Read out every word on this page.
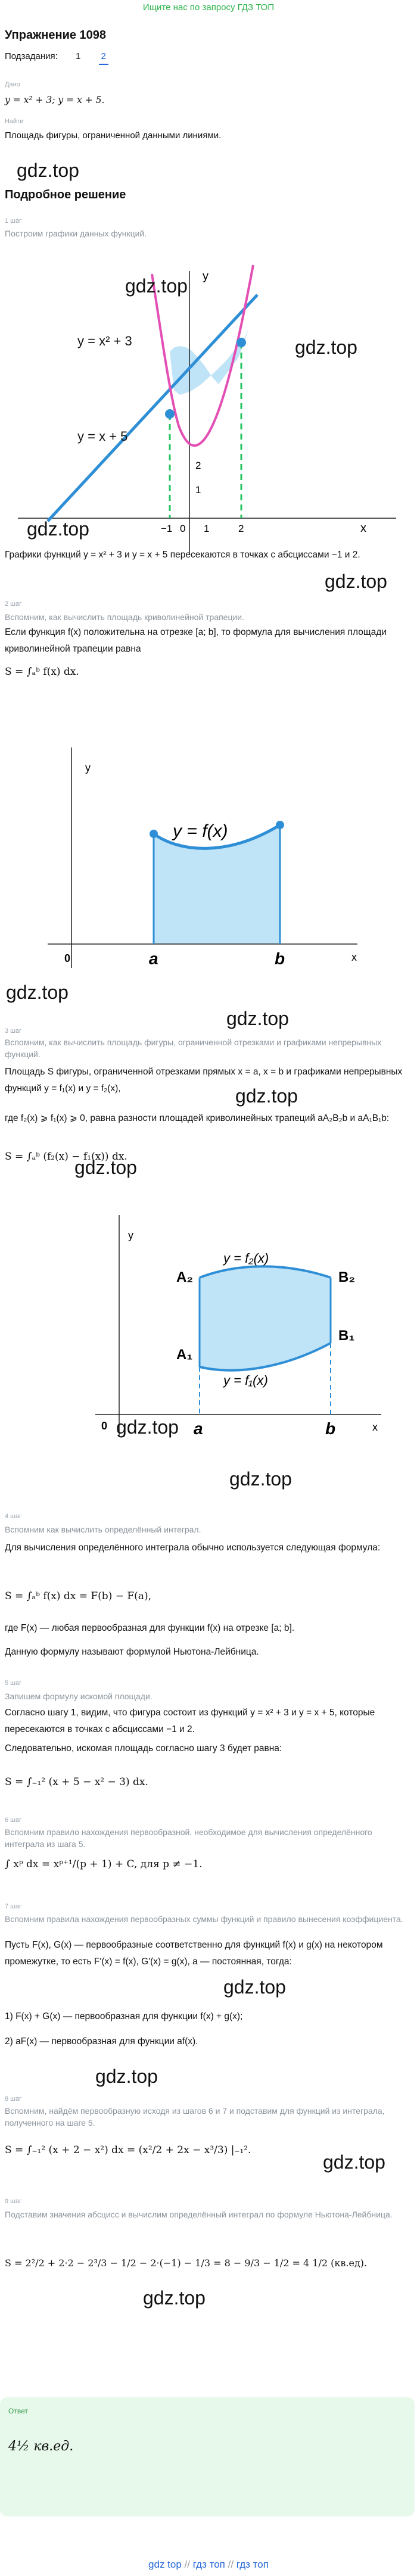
Ищите нас по запросу ГДЗ ТОП
Упражнение 1098
Подзадания: 1 2
Дано
y = x² + 3; y = x + 5.
Найти
Площадь фигуры, ограниченной данными линиями.
gdz.top
Подробное решение
1 шаг
Построим графики данных функций.
y = x² + 3
y = x + 5
y
x
−1 0 1	2
2
1
gdz.top
gdz.top
gdz.top
Графики функций y = x² + 3 и y = x + 5 пересекаются в точках с абсциссами −1 и 2.
gdz.top
2 шаг
Вспомним, как вычислить площадь криволинейной трапеции.
Если функция f(x) положительна на отрезке [a; b], то формула для вычисления площади криволинейной трапеции равна
S = ∫ₐᵇ f(x) dx.
y = f(x)
y
x
0	a	b
gdz.top
gdz.top
3 шаг
Вспомним, как вычислить площадь фигуры, ограниченной отрезками и графиками непрерывных функций.
Площадь S фигуры, ограниченной отрезками прямых x = a, x = b и графиками непрерывных функций y = f₁(x) и y = f₂(x),	gdz.top
где f₂(x) ⩾ f₁(x) ⩾ 0, равна разности площадей криволинейных трапеций aA₂B₂b и aA₁B₁b:
S = ∫ₐᵇ (f₂(x) − f₁(x)) dx.
gdz.top
y = f₂(x)
y = f₁(x)
A₂	B₂
A₁
B₁
a	b
0
y
x
gdz.top
gdz.top
4 шаг
Вспомним как вычислить определённый интеграл.
Для вычисления определённого интеграла обычно используется следующая формула:
S = ∫ₐᵇ f(x) dx = F(b) − F(a),
где F(x) — любая первообразная для функции f(x) на отрезке [a; b].
Данную формулу называют формулой Ньютона-Лейбница.
5 шаг
Запишем формулу искомой площади.
Согласно шагу 1, видим, что фигура состоит из функций y = x² + 3 и y = x + 5, которые пересекаются в точках с абсциссами −1 и 2.
Следовательно, искомая площадь согласно шагу 3 будет равна:
S = ∫₋₁² (x + 5 − x² − 3) dx.
6 шаг
Вспомним правило нахождения первообразной, необходимое для вычисления определённого интеграла из шага 5.
∫ xᵖ dx = xᵖ⁺¹/(p + 1) + C, для p ≠ −1.
7 шаг
Вспомним правила нахождения первообразных суммы функций и правило вынесения коэффициента.
Пусть F(x), G(x) — первообразные соответственно для функций f(x) и g(x) на некотором промежутке, то есть F′(x) = f(x), G′(x) = g(x), a — постоянная, тогда:
gdz.top
1) F(x) + G(x) — первообразная для функции f(x) + g(x);
2) aF(x) — первообразная для функции af(x).
gdz.top
8 шаг
Вспомним, найдём первообразную исходя из шагов 6 и 7 и подставим для функций из интеграла, полученного на шаге 5.
S = ∫₋₁² (x + 2 − x²) dx = (x²/2 + 2x − x³/3) |₋₁².
gdz.top
9 шаг
Подставим значения абсцисс и вычислим определённый интеграл по формуле Ньютона-Лейбница.
S = 2²/2 + 2·2 − 2³/3 − 1/2 − 2·(−1) − 1/3 = 8 − 9/3 − 1/2 = 4 1/2 (кв.ед).
gdz.top
Ответ
4½ кв.ед.
gdz top // гдз топ // гдз топ
